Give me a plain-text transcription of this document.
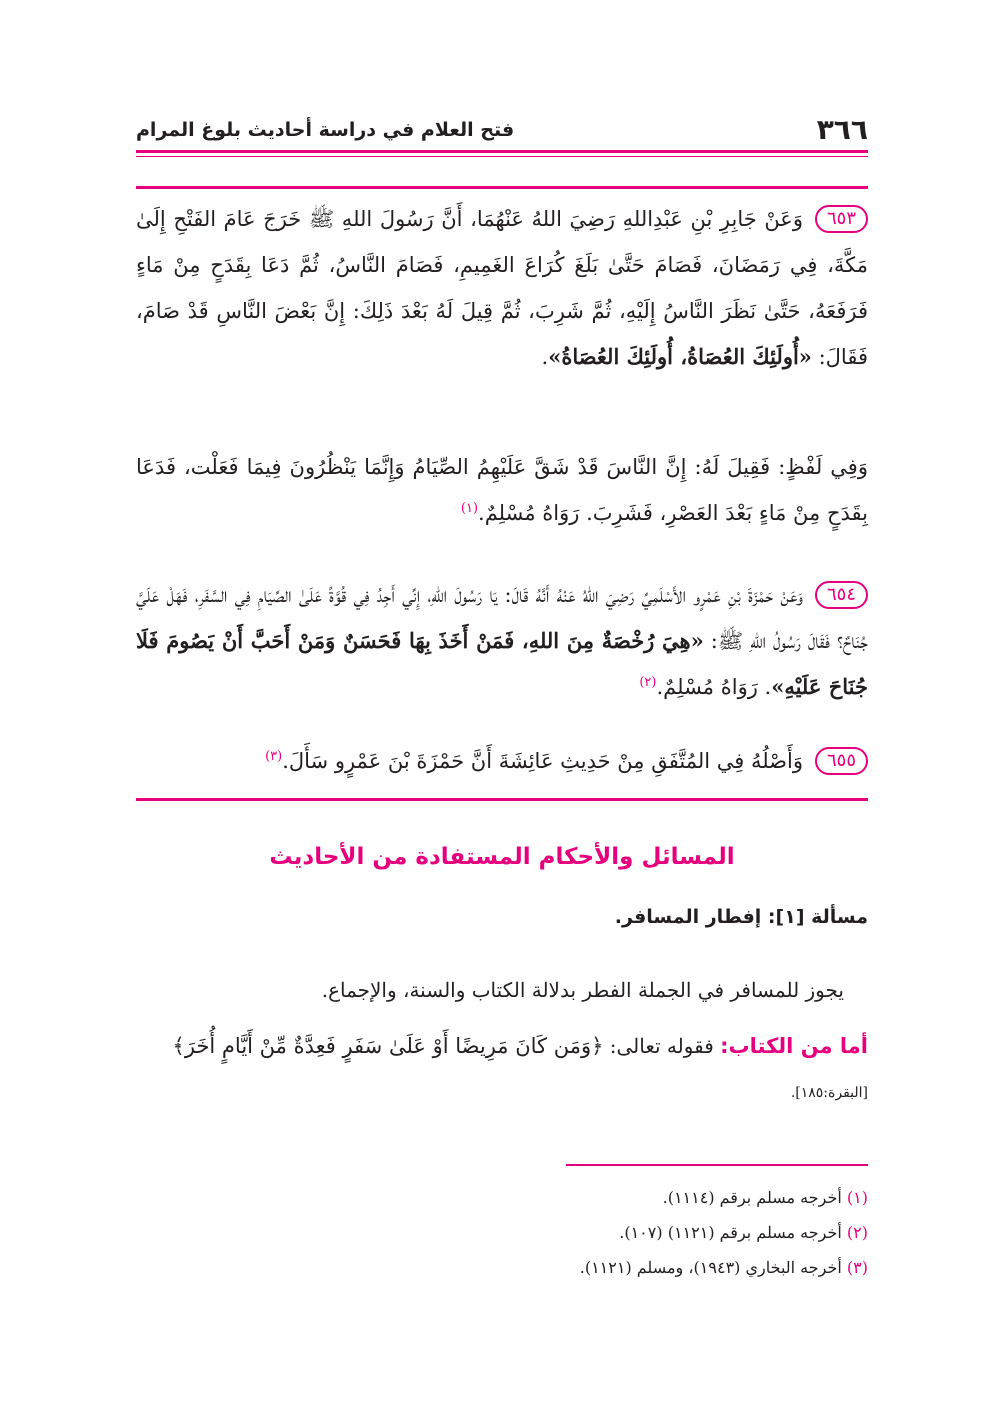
٣٦٦
فتح العلام في دراسة أحاديث بلوغ المرام

٦٥٣وَعَنْ جَابِرِ بْنِ عَبْدِاللهِ رَضِيَ اللهُ عَنْهُمَا، أَنَّ رَسُولَ اللهِ ﷺ خَرَجَ عَامَ الفَتْحِ إِلَىٰ مَكَّةَ، فِي رَمَضَانَ، فَصَامَ حَتَّىٰ بَلَغَ كُرَاعَ الغَمِيمِ، فَصَامَ النَّاسُ، ثُمَّ دَعَا بِقَدَحٍ مِنْ مَاءٍ فَرَفَعَهُ، حَتَّىٰ نَظَرَ النَّاسُ إِلَيْهِ، ثُمَّ شَرِبَ، ثُمَّ قِيلَ لَهُ بَعْدَ ذَلِكَ: إِنَّ بَعْضَ النَّاسِ قَدْ صَامَ، فَقَالَ: «أُولَئِكَ العُصَاةُ، أُولَئِكَ العُصَاةُ».

وَفِي لَفْظٍ: فَقِيلَ لَهُ: إِنَّ النَّاسَ قَدْ شَقَّ عَلَيْهِمُ الصِّيَامُ وَإِنَّمَا يَنْظُرُونَ فِيمَا فَعَلْت، فَدَعَا بِقَدَحٍ مِنْ مَاءٍ بَعْدَ العَصْرِ، فَشَرِبَ. رَوَاهُ مُسْلِمٌ.$^{(١)}$

٦٥٤وَعَنْ حَمْزَةَ بْنِ عَمْرٍو الأَسْلَمِيِّ رَضِيَ اللهُ عَنْهُ أَنَّهُ قَالَ: يَا رَسُولَ اللهِ، إِنِّي أَجِدُ فِي قُوَّةً عَلَىٰ الصِّيَامِ فِي السَّفَرِ، فَهَلْ عَلَيَّ جُنَاحٌ؟ فَقَالَ رَسُولُ اللهِ ﷺ: «هِيَ رُخْصَةٌ مِنَ اللهِ، فَمَنْ أَخَذَ بِهَا فَحَسَنٌ وَمَنْ أَحَبَّ أَنْ يَصُومَ فَلَا جُنَاحَ عَلَيْهِ». رَوَاهُ مُسْلِمٌ.$^{(٢)}$

٦٥٥وَأَصْلُهُ فِي المُتَّفَقِ مِنْ حَدِيثِ عَائِشَةَ أَنَّ حَمْزَةَ بْنَ عَمْرٍو سَأَلَ.$^{(٣)}$

المسائل والأحكام المستفادة من الأحاديث
مسألة [١]: إفطار المسافر.
يجوز للمسافر في الجملة الفطر بدلالة الكتاب والسنة، والإجماع.
أما من الكتاب: فقوله تعالى: ﴿وَمَن كَانَ مَرِيضًا أَوْ عَلَىٰ سَفَرٍ فَعِدَّةٌ مِّنْ أَيَّامٍ أُخَرَ﴾ [البقرة:١٨٥].
(١) أخرجه مسلم برقم (١١١٤).
(٢) أخرجه مسلم برقم (١١٢١) (١٠٧).
(٣) أخرجه البخاري (١٩٤٣)، ومسلم (١١٢١).
